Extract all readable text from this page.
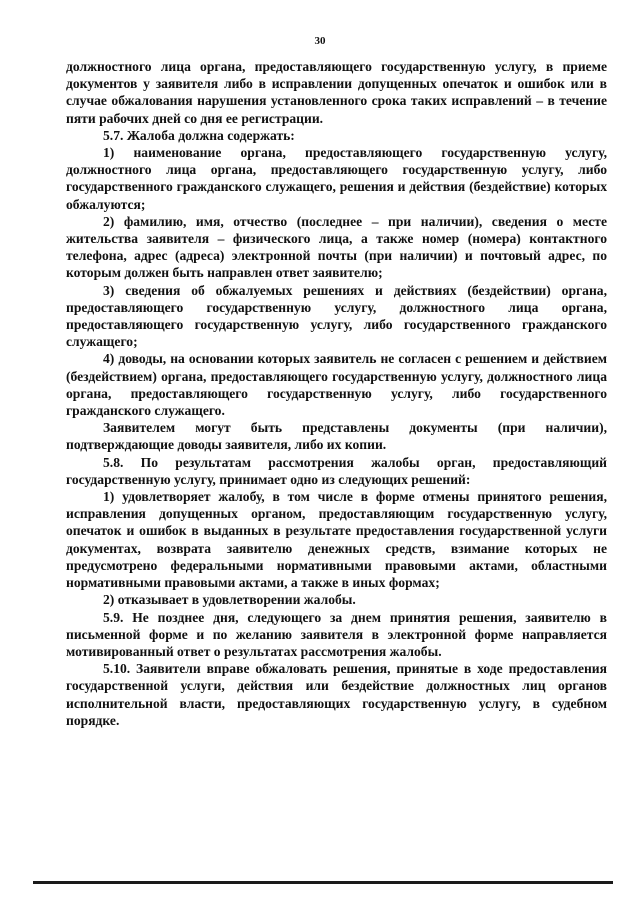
30

должностного лица органа, предоставляющего государственную услугу, в приеме документов у заявителя либо в исправлении допущенных опечаток и ошибок или в случае обжалования нарушения установленного срока таких исправлений – в течение пяти рабочих дней со дня ее регистрации.

5.7. Жалоба должна содержать:

1) наименование органа, предоставляющего государственную услугу, должностного лица органа, предоставляющего государственную услугу, либо государственного гражданского служащего, решения и действия (бездействие) которых обжалуются;

2) фамилию, имя, отчество (последнее – при наличии), сведения о месте жительства заявителя – физического лица, а также номер (номера) контактного телефона, адрес (адреса) электронной почты (при наличии) и почтовый адрес, по которым должен быть направлен ответ заявителю;

3) сведения об обжалуемых решениях и действиях (бездействии) органа, предоставляющего государственную услугу, должностного лица органа, предоставляющего государственную услугу, либо государственного гражданского служащего;

4) доводы, на основании которых заявитель не согласен с решением и действием (бездействием) органа, предоставляющего государственную услугу, должностного лица органа, предоставляющего государственную услугу, либо государственного гражданского служащего.

Заявителем могут быть представлены документы (при наличии), подтверждающие доводы заявителя, либо их копии.

5.8. По результатам рассмотрения жалобы орган, предоставляющий государственную услугу, принимает одно из следующих решений:

1) удовлетворяет жалобу, в том числе в форме отмены принятого решения, исправления допущенных органом, предоставляющим государственную услугу, опечаток и ошибок в выданных в результате предоставления государственной услуги документах, возврата заявителю денежных средств, взимание которых не предусмотрено федеральными нормативными правовыми актами, областными нормативными правовыми актами, а также в иных формах;

2) отказывает в удовлетворении жалобы.

5.9. Не позднее дня, следующего за днем принятия решения, заявителю в письменной форме и по желанию заявителя в электронной форме направляется мотивированный ответ о результатах рассмотрения жалобы.

5.10. Заявители вправе обжаловать решения, принятые в ходе предоставления государственной услуги, действия или бездействие должностных лиц органов исполнительной власти, предоставляющих государственную услугу, в судебном порядке.
